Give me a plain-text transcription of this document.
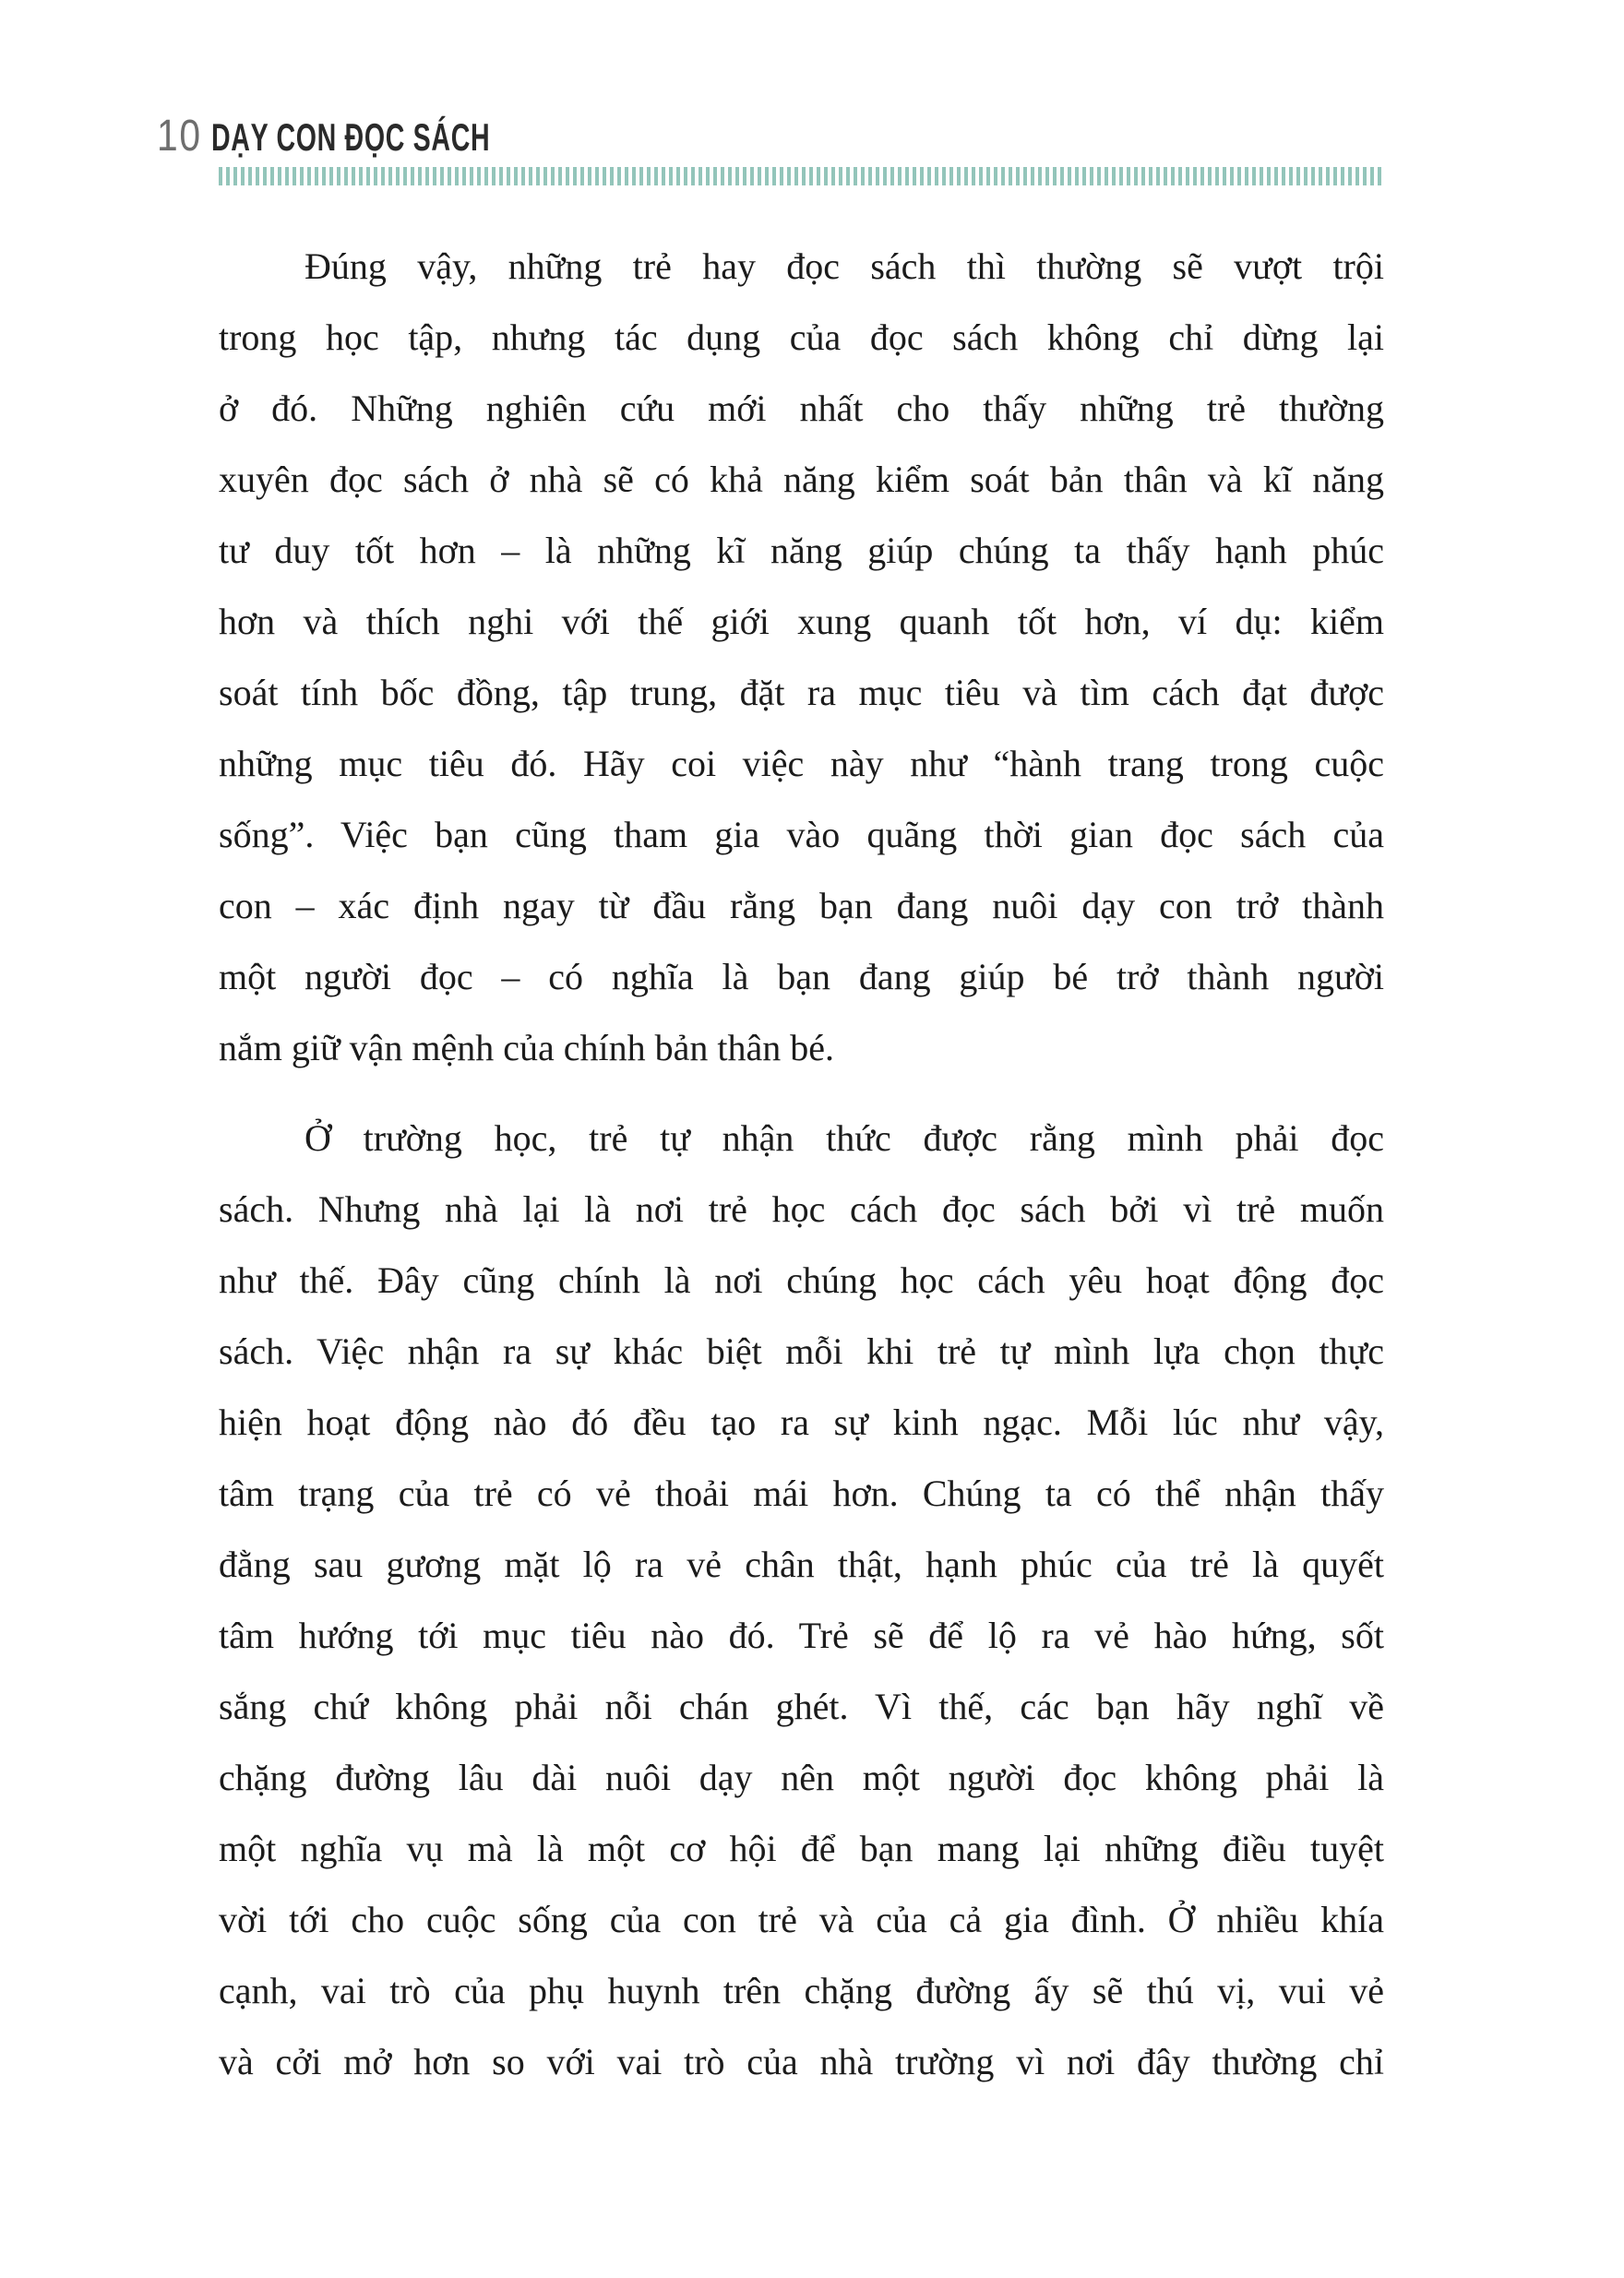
10 DẠY CON ĐỌC SÁCH
Đúng vậy, những trẻ hay đọc sách thì thường sẽ vượt trội
trong học tập, nhưng tác dụng của đọc sách không chỉ dừng lại
ở đó. Những nghiên cứu mới nhất cho thấy những trẻ thường
xuyên đọc sách ở nhà sẽ có khả năng kiểm soát bản thân và kĩ năng
tư duy tốt hơn – là những kĩ năng giúp chúng ta thấy hạnh phúc
hơn và thích nghi với thế giới xung quanh tốt hơn, ví dụ: kiểm
soát tính bốc đồng, tập trung, đặt ra mục tiêu và tìm cách đạt được
những mục tiêu đó. Hãy coi việc này như “hành trang trong cuộc
sống”. Việc bạn cũng tham gia vào quãng thời gian đọc sách của
con – xác định ngay từ đầu rằng bạn đang nuôi dạy con trở thành
một người đọc – có nghĩa là bạn đang giúp bé trở thành người
nắm giữ vận mệnh của chính bản thân bé.
Ở trường học, trẻ tự nhận thức được rằng mình phải đọc
sách. Nhưng nhà lại là nơi trẻ học cách đọc sách bởi vì trẻ muốn
như thế. Đây cũng chính là nơi chúng học cách yêu hoạt động đọc
sách. Việc nhận ra sự khác biệt mỗi khi trẻ tự mình lựa chọn thực
hiện hoạt động nào đó đều tạo ra sự kinh ngạc. Mỗi lúc như vậy,
tâm trạng của trẻ có vẻ thoải mái hơn. Chúng ta có thể nhận thấy
đằng sau gương mặt lộ ra vẻ chân thật, hạnh phúc của trẻ là quyết
tâm hướng tới mục tiêu nào đó. Trẻ sẽ để lộ ra vẻ hào hứng, sốt
sắng chứ không phải nỗi chán ghét. Vì thế, các bạn hãy nghĩ về
chặng đường lâu dài nuôi dạy nên một người đọc không phải là
một nghĩa vụ mà là một cơ hội để bạn mang lại những điều tuyệt
vời tới cho cuộc sống của con trẻ và của cả gia đình. Ở nhiều khía
cạnh, vai trò của phụ huynh trên chặng đường ấy sẽ thú vị, vui vẻ
và cởi mở hơn so với vai trò của nhà trường vì nơi đây thường chỉ
